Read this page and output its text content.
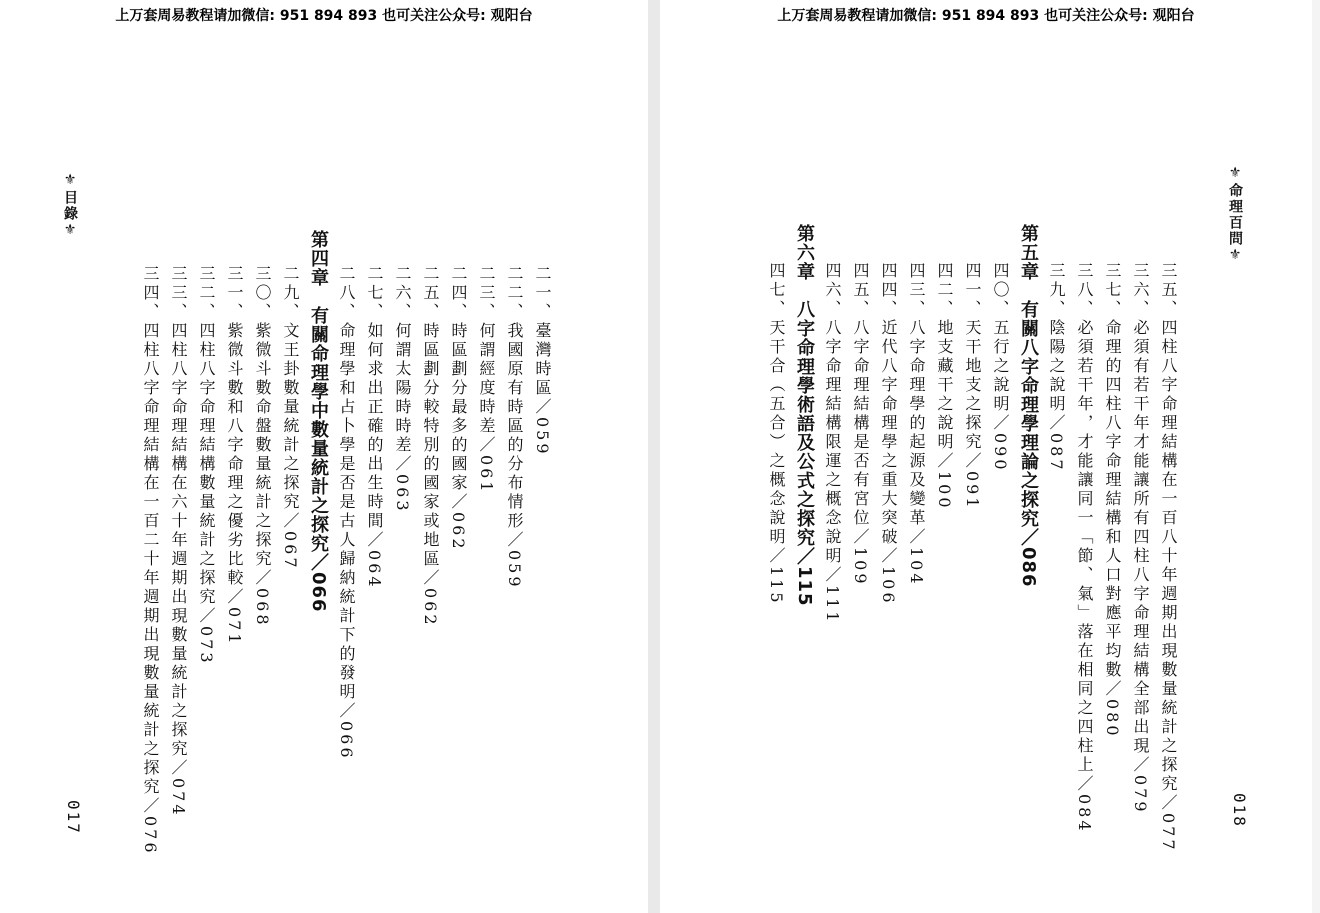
上万套周易教程请加微信: 951 894 893 也可关注公众号: 观阳台
⚜目錄⚜
二一、臺灣時區／059
二二、我國原有時區的分布情形／059
二三、何謂經度時差／061
二四、時區劃分最多的國家／062
二五、時區劃分較特別的國家或地區／062
二六、何謂太陽時時差／063
二七、如何求出正確的出生時間／064
二八、命理學和占卜學是否是古人歸納統計下的發明／066
第四章　有關命理學中數量統計之探究／066
二九、文王卦數量統計之探究／067
三〇、紫微斗數命盤數量統計之探究／068
三一、紫微斗數和八字命理之優劣比較／071
三二、四柱八字命理結構數量統計之探究／073
三三、四柱八字命理結構在六十年週期出現數量統計之探究／074
三四、四柱八字命理結構在一百二十年週期出現數量統計之探究／076
017
上万套周易教程请加微信: 951 894 893 也可关注公众号: 观阳台
⚜命理百問⚜
三五、四柱八字命理結構在一百八十年週期出現數量統計之探究／077
三六、必須有若干年才能讓所有四柱八字命理結構全部出現／079
三七、命理的四柱八字命理結構和人口對應平均數／080
三八、必須若干年，才能讓同一「節、氣」落在相同之四柱上／084
三九、陰陽之說明／087
第五章　有關八字命理學理論之探究／086
四〇、五行之說明／090
四一、天干地支之探究／091
四二、地支藏干之說明／100
四三、八字命理學的起源及變革／104
四四、近代八字命理學之重大突破／106
四五、八字命理結構是否有宮位／109
四六、八字命理結構限運之概念說明／111
第六章　八字命理學術語及公式之探究／115
四七、天干合（五合）之概念說明／115
018
